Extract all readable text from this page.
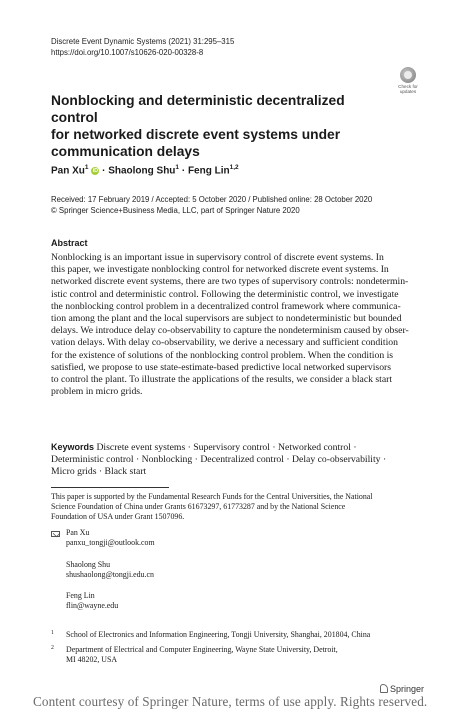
Discrete Event Dynamic Systems (2021) 31:295–315
https://doi.org/10.1007/s10626-020-00328-8
Check for
updates
Nonblocking and deterministic decentralized control
for networked discrete event systems under
communication delays
Pan Xu$^1$ iD · Shaolong Shu$^1$ · Feng Lin$^{1,2}$
Received: 17 February 2019 / Accepted: 5 October 2020 / Published online: 28 October 2020
© Springer Science+Business Media, LLC, part of Springer Nature 2020
Abstract
Nonblocking is an important issue in supervisory control of discrete event systems. In
this paper, we investigate nonblocking control for networked discrete event systems. In
networked discrete event systems, there are two types of supervisory controls: nondetermin-
istic control and deterministic control. Following the deterministic control, we investigate
the nonblocking control problem in a decentralized control framework where communica-
tion among the plant and the local supervisors are subject to nondeterministic but bounded
delays. We introduce delay co-observability to capture the nondeterminism caused by obser-
vation delays. With delay co-observability, we derive a necessary and sufficient condition
for the existence of solutions of the nonblocking control problem. When the condition is
satisfied, we propose to use state-estimate-based predictive local networked supervisors
to control the plant. To illustrate the applications of the results, we consider a black start
problem in micro grids.
Keywords Discrete event systems · Supervisory control · Networked control ·
Deterministic control · Nonblocking · Decentralized control · Delay co-observability ·
Micro grids · Black start
This paper is supported by the Fundamental Research Funds for the Central Universities, the National
Science Foundation of China under Grants 61673297, 61773287 and by the National Science
Foundation of USA under Grant 1507096.
Pan Xu
panxu_tongji@outlook.com
Shaolong Shu
shushaolong@tongji.edu.cn
Feng Lin
flin@wayne.edu
1 School of Electronics and Information Engineering, Tongji University, Shanghai, 201804, China
2 Department of Electrical and Computer Engineering, Wayne State University, Detroit,
MI 48202, USA
Springer
Content courtesy of Springer Nature, terms of use apply. Rights reserved.
